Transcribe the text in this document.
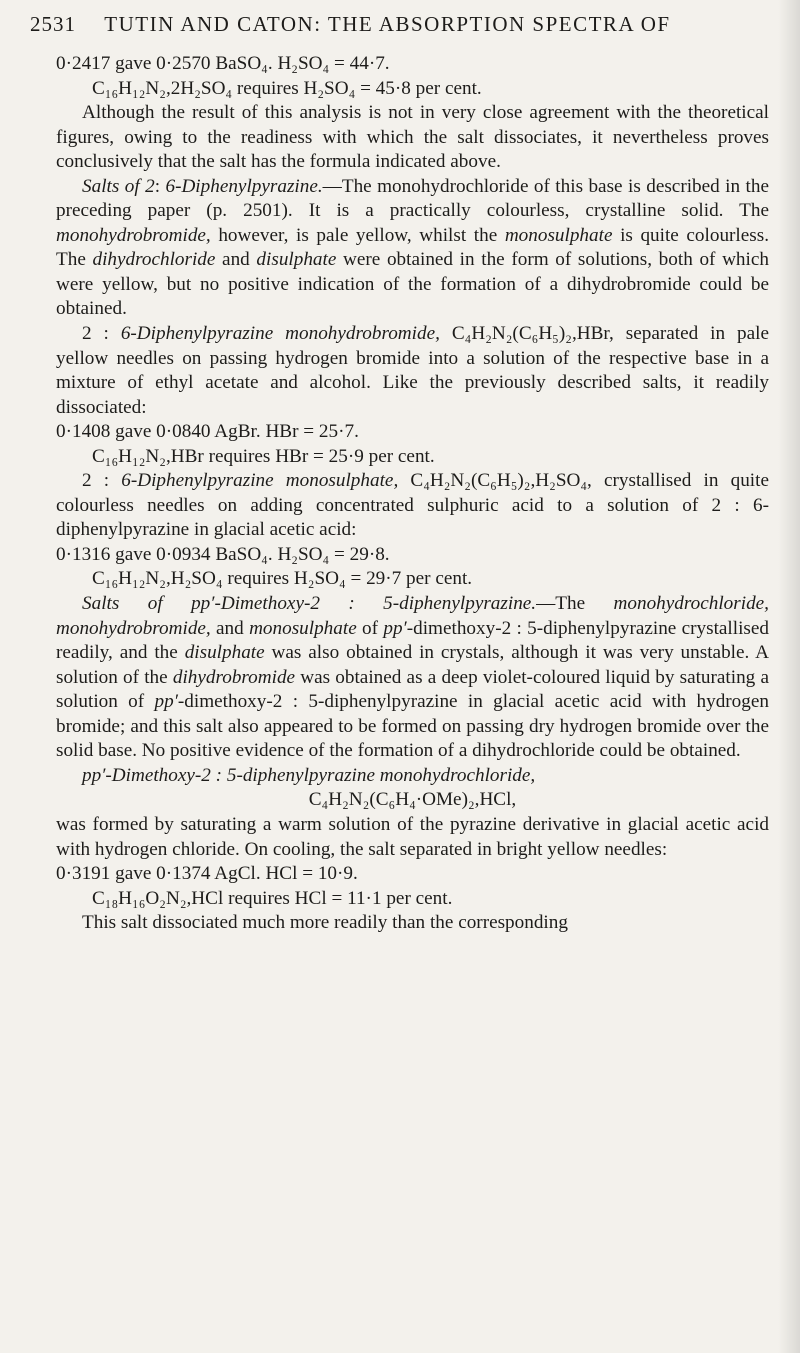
2531 TUTIN AND CATON: THE ABSORPTION SPECTRA OF

0·2417 gave 0·2570 BaSO₄. H₂SO₄ = 44·7.

C₁₆H₁₂N₂,2H₂SO₄ requires H₂SO₄ = 45·8 per cent.

Although the result of this analysis is not in very close agreement with the theoretical figures, owing to the readiness with which the salt dissociates, it nevertheless proves conclusively that the salt has the formula indicated above.

Salts of 2: 6-Diphenylpyrazine.—The monohydrochloride of this base is described in the preceding paper (p. 2501). It is a practically colourless, crystalline solid. The monohydrobromide, however, is pale yellow, whilst the monosulphate is quite colourless. The dihydrochloride and disulphate were obtained in the form of solutions, both of which were yellow, but no positive indication of the formation of a dihydrobromide could be obtained.

2 : 6-Diphenylpyrazine monohydrobromide, C₄H₂N₂(C₆H₅)₂,HBr, separated in pale yellow needles on passing hydrogen bromide into a solution of the respective base in a mixture of ethyl acetate and alcohol. Like the previously described salts, it readily dissociated:

0·1408 gave 0·0840 AgBr. HBr = 25·7.

C₁₆H₁₂N₂,HBr requires HBr = 25·9 per cent.

2 : 6-Diphenylpyrazine monosulphate, C₄H₂N₂(C₆H₅)₂,H₂SO₄, crystallised in quite colourless needles on adding concentrated sulphuric acid to a solution of 2 : 6-diphenylpyrazine in glacial acetic acid:

0·1316 gave 0·0934 BaSO₄. H₂SO₄ = 29·8.

C₁₆H₁₂N₂,H₂SO₄ requires H₂SO₄ = 29·7 per cent.

Salts of pp′-Dimethoxy-2 : 5-diphenylpyrazine.—The monohydrochloride, monohydrobromide, and monosulphate of pp′-dimethoxy-2 : 5-diphenylpyrazine crystallised readily, and the disulphate was also obtained in crystals, although it was very unstable. A solution of the dihydrobromide was obtained as a deep violet-coloured liquid by saturating a solution of pp′-dimethoxy-2 : 5-diphenylpyrazine in glacial acetic acid with hydrogen bromide; and this salt also appeared to be formed on passing dry hydrogen bromide over the solid base. No positive evidence of the formation of a dihydrochloride could be obtained.

pp′-Dimethoxy-2 : 5-diphenylpyrazine monohydrochloride,

C₄H₂N₂(C₆H₄·OMe)₂,HCl,

was formed by saturating a warm solution of the pyrazine derivative in glacial acetic acid with hydrogen chloride. On cooling, the salt separated in bright yellow needles:

0·3191 gave 0·1374 AgCl. HCl = 10·9.

C₁₈H₁₆O₂N₂,HCl requires HCl = 11·1 per cent.

This salt dissociated much more readily than the corresponding
